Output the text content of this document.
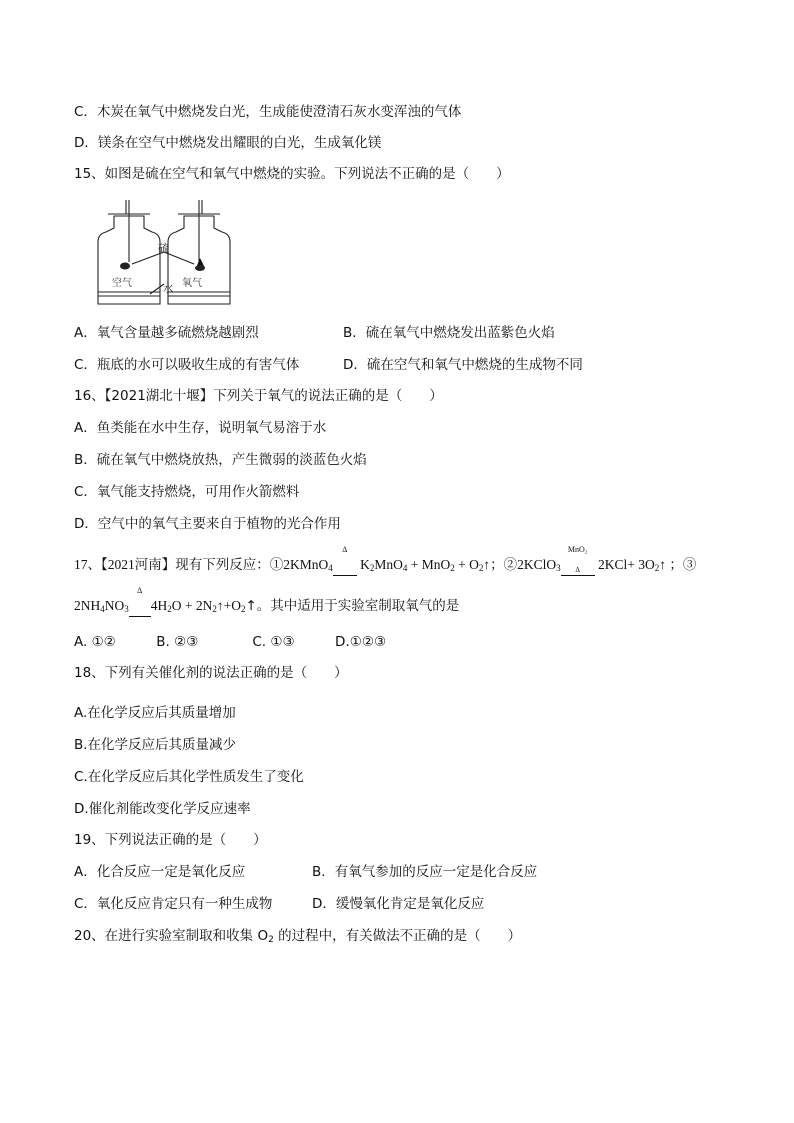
C．木炭在氧气中燃烧发白光，生成能使澄清石灰水变浑浊的气体
D．镁条在空气中燃烧发出耀眼的白光，生成氧化镁
15、如图是硫在空气和氧气中燃烧的实验。下列说法不正确的是（　　）
硫
空气	氧气
水
A．氧气含量越多硫燃烧越剧烈	B．硫在氧气中燃烧发出蓝紫色火焰
C．瓶底的水可以吸收生成的有害气体	D．硫在空气和氧气中燃烧的生成物不同
16、【2021湖北十堰】下列关于氧气的说法正确的是（　　）
A．鱼类能在水中生存，说明氧气易溶于水
B．硫在氧气中燃烧放热，产生微弱的淡蓝色火焰
C．氧气能支持燃烧，可用作火箭燃料
D．空气中的氧气主要来自于植物的光合作用
17、【2021河南】现有下列反应：①2KMnO$_4$
Δ
$K_2MnO_4 + MnO_2$ + $O_2↑$；②2KClO$_3$
MnO₂

Δ	$2KCl+ 3O_2↑$ ；③
$2NH_4NO_3$
Δ
$4H_2O$ + $2N_2↑+O_2↑$。其中适用于实验室制取氧气的是
A. ①②　　　B. ②③　　　　C. ①③　　　D.①②③
18、下列有关催化剂的说法正确的是（　　）
A.在化学反应后其质量增加
B.在化学反应后其质量减少
C.在化学反应后其化学性质发生了变化
D.催化剂能改变化学反应速率
19、下列说法正确的是（　　）
A．化合反应一定是氧化反应	B．有氧气参加的反应一定是化合反应
C．氧化反应肯定只有一种生成物	D．缓慢氧化肯定是氧化反应
20、在进行实验室制取和收集 $O_2$ 的过程中，有关做法不正确的是（　　）
